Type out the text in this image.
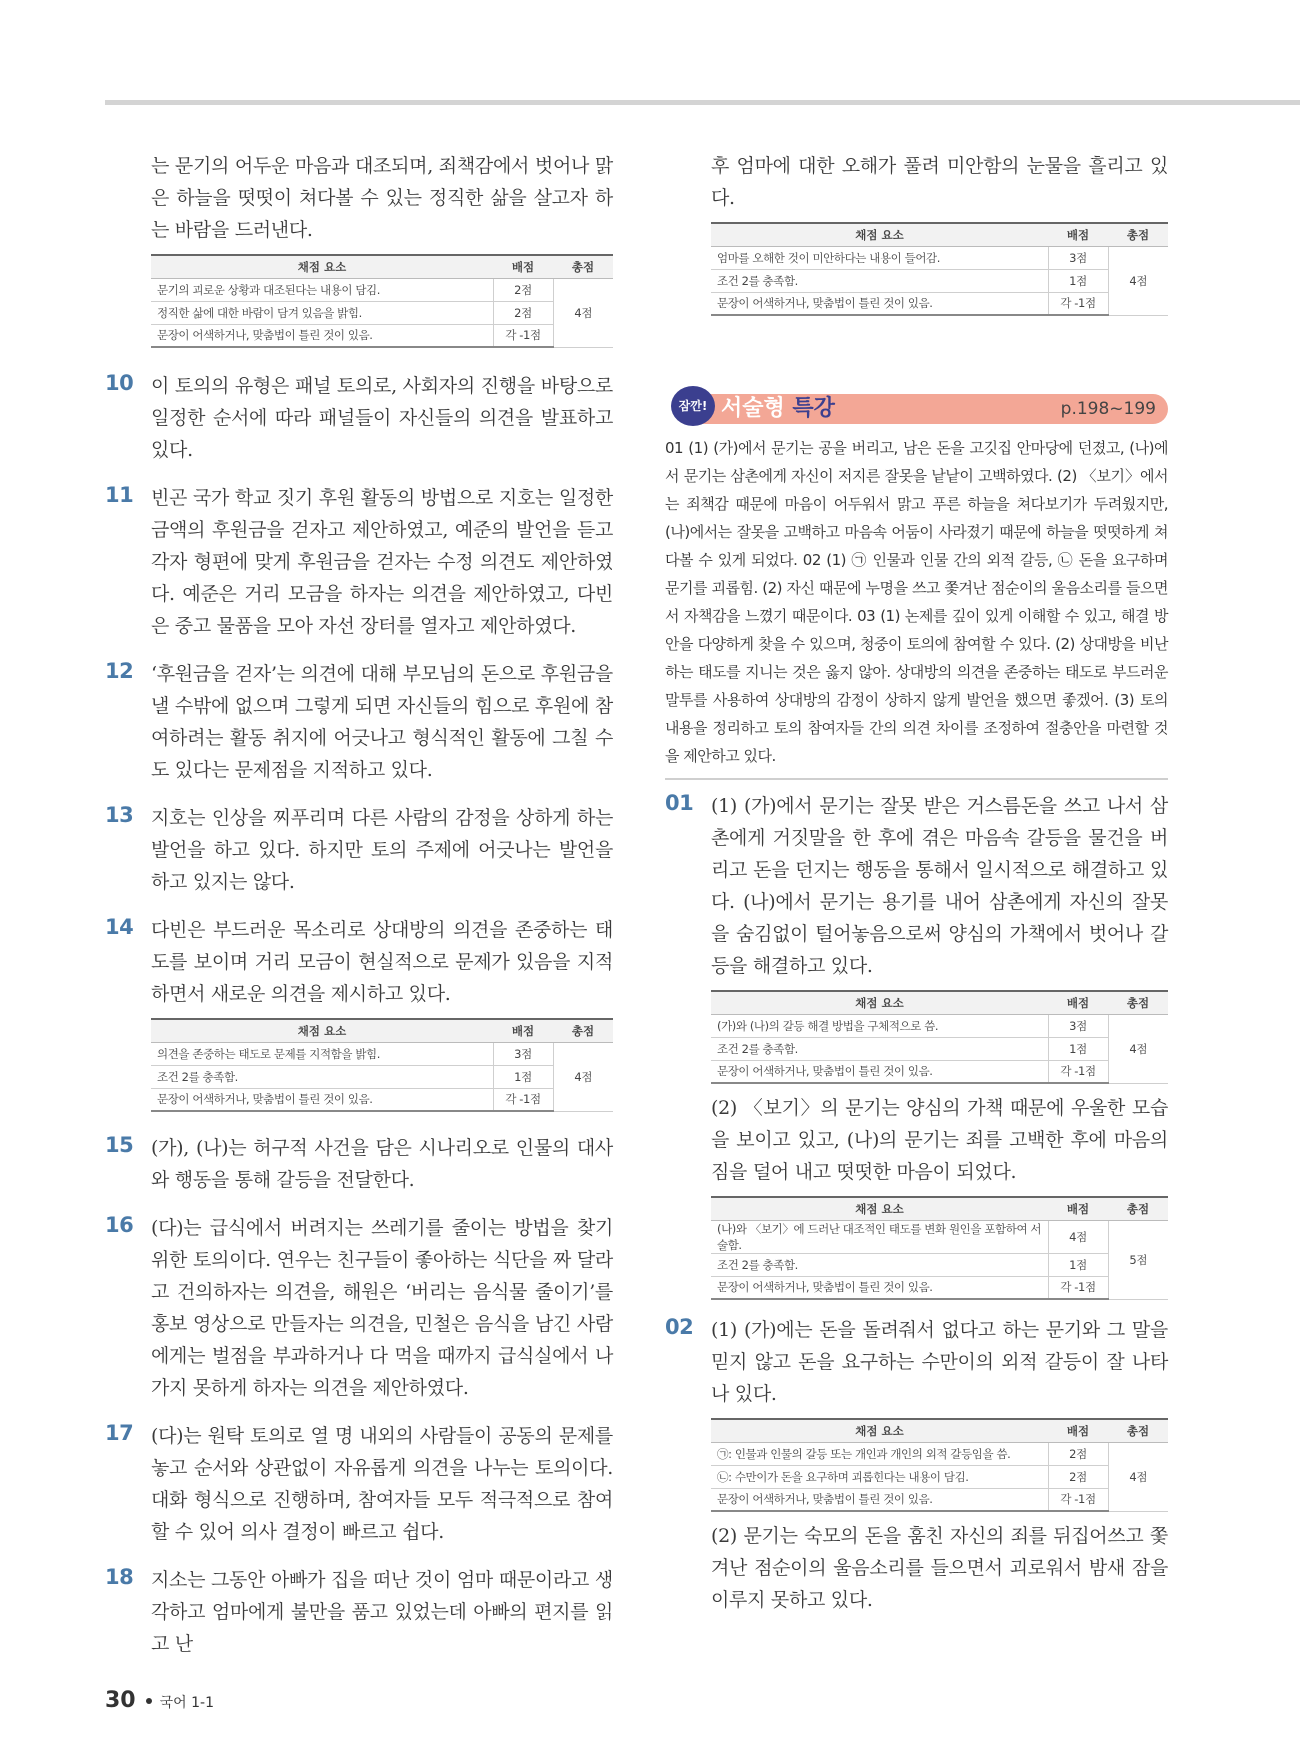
는 문기의 어두운 마음과 대조되며, 죄책감에서 벗어나 맑은 하늘을 떳떳이 쳐다볼 수 있는 정직한 삶을 살고자 하는 바람을 드러낸다.

채점 요소	배점	총점
문기의 괴로운 상황과 대조된다는 내용이 담김.	2점	4점
정직한 삶에 대한 바람이 담겨 있음을 밝힘.	2점	
문장이 어색하거나, 맞춤법이 틀린 것이 있음.	각 -1점	
10 이 토의의 유형은 패널 토의로, 사회자의 진행을 바탕으로 일정한 순서에 따라 패널들이 자신들의 의견을 발표하고 있다.

11 빈곤 국가 학교 짓기 후원 활동의 방법으로 지호는 일정한 금액의 후원금을 걷자고 제안하였고, 예준의 발언을 듣고 각자 형편에 맞게 후원금을 걷자는 수정 의견도 제안하였다. 예준은 거리 모금을 하자는 의견을 제안하였고, 다빈은 중고 물품을 모아 자선 장터를 열자고 제안하였다.

12 ‘후원금을 걷자’는 의견에 대해 부모님의 돈으로 후원금을 낼 수밖에 없으며 그렇게 되면 자신들의 힘으로 후원에 참여하려는 활동 취지에 어긋나고 형식적인 활동에 그칠 수도 있다는 문제점을 지적하고 있다.

13 지호는 인상을 찌푸리며 다른 사람의 감정을 상하게 하는 발언을 하고 있다. 하지만 토의 주제에 어긋나는 발언을 하고 있지는 않다.

14 다빈은 부드러운 목소리로 상대방의 의견을 존중하는 태도를 보이며 거리 모금이 현실적으로 문제가 있음을 지적하면서 새로운 의견을 제시하고 있다.

채점 요소	배점	총점
의견을 존중하는 태도로 문제를 지적함을 밝힘.	3점	4점
조건 2를 충족함.	1점	
문장이 어색하거나, 맞춤법이 틀린 것이 있음.	각 -1점	
15 (가), (나)는 허구적 사건을 담은 시나리오로 인물의 대사와 행동을 통해 갈등을 전달한다.

16 (다)는 급식에서 버려지는 쓰레기를 줄이는 방법을 찾기 위한 토의이다. 연우는 친구들이 좋아하는 식단을 짜 달라고 건의하자는 의견을, 해원은 ‘버리는 음식물 줄이기’를 홍보 영상으로 만들자는 의견을, 민철은 음식을 남긴 사람에게는 벌점을 부과하거나 다 먹을 때까지 급식실에서 나가지 못하게 하자는 의견을 제안하였다.

17 (다)는 원탁 토의로 열 명 내외의 사람들이 공동의 문제를 놓고 순서와 상관없이 자유롭게 의견을 나누는 토의이다. 대화 형식으로 진행하며, 참여자들 모두 적극적으로 참여할 수 있어 의사 결정이 빠르고 쉽다.

18 지소는 그동안 아빠가 집을 떠난 것이 엄마 때문이라고 생각하고 엄마에게 불만을 품고 있었는데 아빠의 편지를 읽고 난

후 엄마에 대한 오해가 풀려 미안함의 눈물을 흘리고 있다.

채점 요소	배점	총점
엄마를 오해한 것이 미안하다는 내용이 들어감.	3점	4점
조건 2를 충족함.	1점	
문장이 어색하거나, 맞춤법이 틀린 것이 있음.	각 -1점	
잠깐! 서술형 특강	p.198~199

01 (1) (가)에서 문기는 공을 버리고, 남은 돈을 고깃집 안마당에 던졌고, (나)에서 문기는 삼촌에게 자신이 저지른 잘못을 낱낱이 고백하였다. (2) 〈보기〉에서는 죄책감 때문에 마음이 어두워서 맑고 푸른 하늘을 쳐다보기가 두려웠지만, (나)에서는 잘못을 고백하고 마음속 어둠이 사라졌기 때문에 하늘을 떳떳하게 쳐다볼 수 있게 되었다. 02 (1) ㉠ 인물과 인물 간의 외적 갈등, ㉡ 돈을 요구하며 문기를 괴롭힘. (2) 자신 때문에 누명을 쓰고 쫓겨난 점순이의 울음소리를 들으면서 자책감을 느꼈기 때문이다. 03 (1) 논제를 깊이 있게 이해할 수 있고, 해결 방안을 다양하게 찾을 수 있으며, 청중이 토의에 참여할 수 있다. (2) 상대방을 비난하는 태도를 지니는 것은 옳지 않아. 상대방의 의견을 존중하는 태도로 부드러운 말투를 사용하여 상대방의 감정이 상하지 않게 발언을 했으면 좋겠어. (3) 토의 내용을 정리하고 토의 참여자들 간의 의견 차이를 조정하여 절충안을 마련할 것을 제안하고 있다.

01 (1) (가)에서 문기는 잘못 받은 거스름돈을 쓰고 나서 삼촌에게 거짓말을 한 후에 겪은 마음속 갈등을 물건을 버리고 돈을 던지는 행동을 통해서 일시적으로 해결하고 있다. (나)에서 문기는 용기를 내어 삼촌에게 자신의 잘못을 숨김없이 털어놓음으로써 양심의 가책에서 벗어나 갈등을 해결하고 있다.

채점 요소	배점	총점
(가)와 (나)의 갈등 해결 방법을 구체적으로 씀.	3점	4점
조건 2를 충족함.	1점	
문장이 어색하거나, 맞춤법이 틀린 것이 있음.	각 -1점	

(2) 〈보기〉의 문기는 양심의 가책 때문에 우울한 모습을 보이고 있고, (나)의 문기는 죄를 고백한 후에 마음의 짐을 덜어 내고 떳떳한 마음이 되었다.

채점 요소	배점	총점
(나)와 〈보기〉에 드러난 대조적인 태도를 변화 원인을 포함하여 서술함.	4점	5점
조건 2를 충족함.	1점	
문장이 어색하거나, 맞춤법이 틀린 것이 있음.	각 -1점	
02 (1) (가)에는 돈을 돌려줘서 없다고 하는 문기와 그 말을 믿지 않고 돈을 요구하는 수만이의 외적 갈등이 잘 나타나 있다.

채점 요소	배점	총점
㉠: 인물과 인물의 갈등 또는 개인과 개인의 외적 갈등임을 씀.	2점	4점
㉡: 수만이가 돈을 요구하며 괴롭힌다는 내용이 담김.	2점	
문장이 어색하거나, 맞춤법이 틀린 것이 있음.	각 -1점	

(2) 문기는 숙모의 돈을 훔친 자신의 죄를 뒤집어쓰고 쫓겨난 점순이의 울음소리를 들으면서 괴로워서 밤새 잠을 이루지 못하고 있다.

30 국어 1-1
